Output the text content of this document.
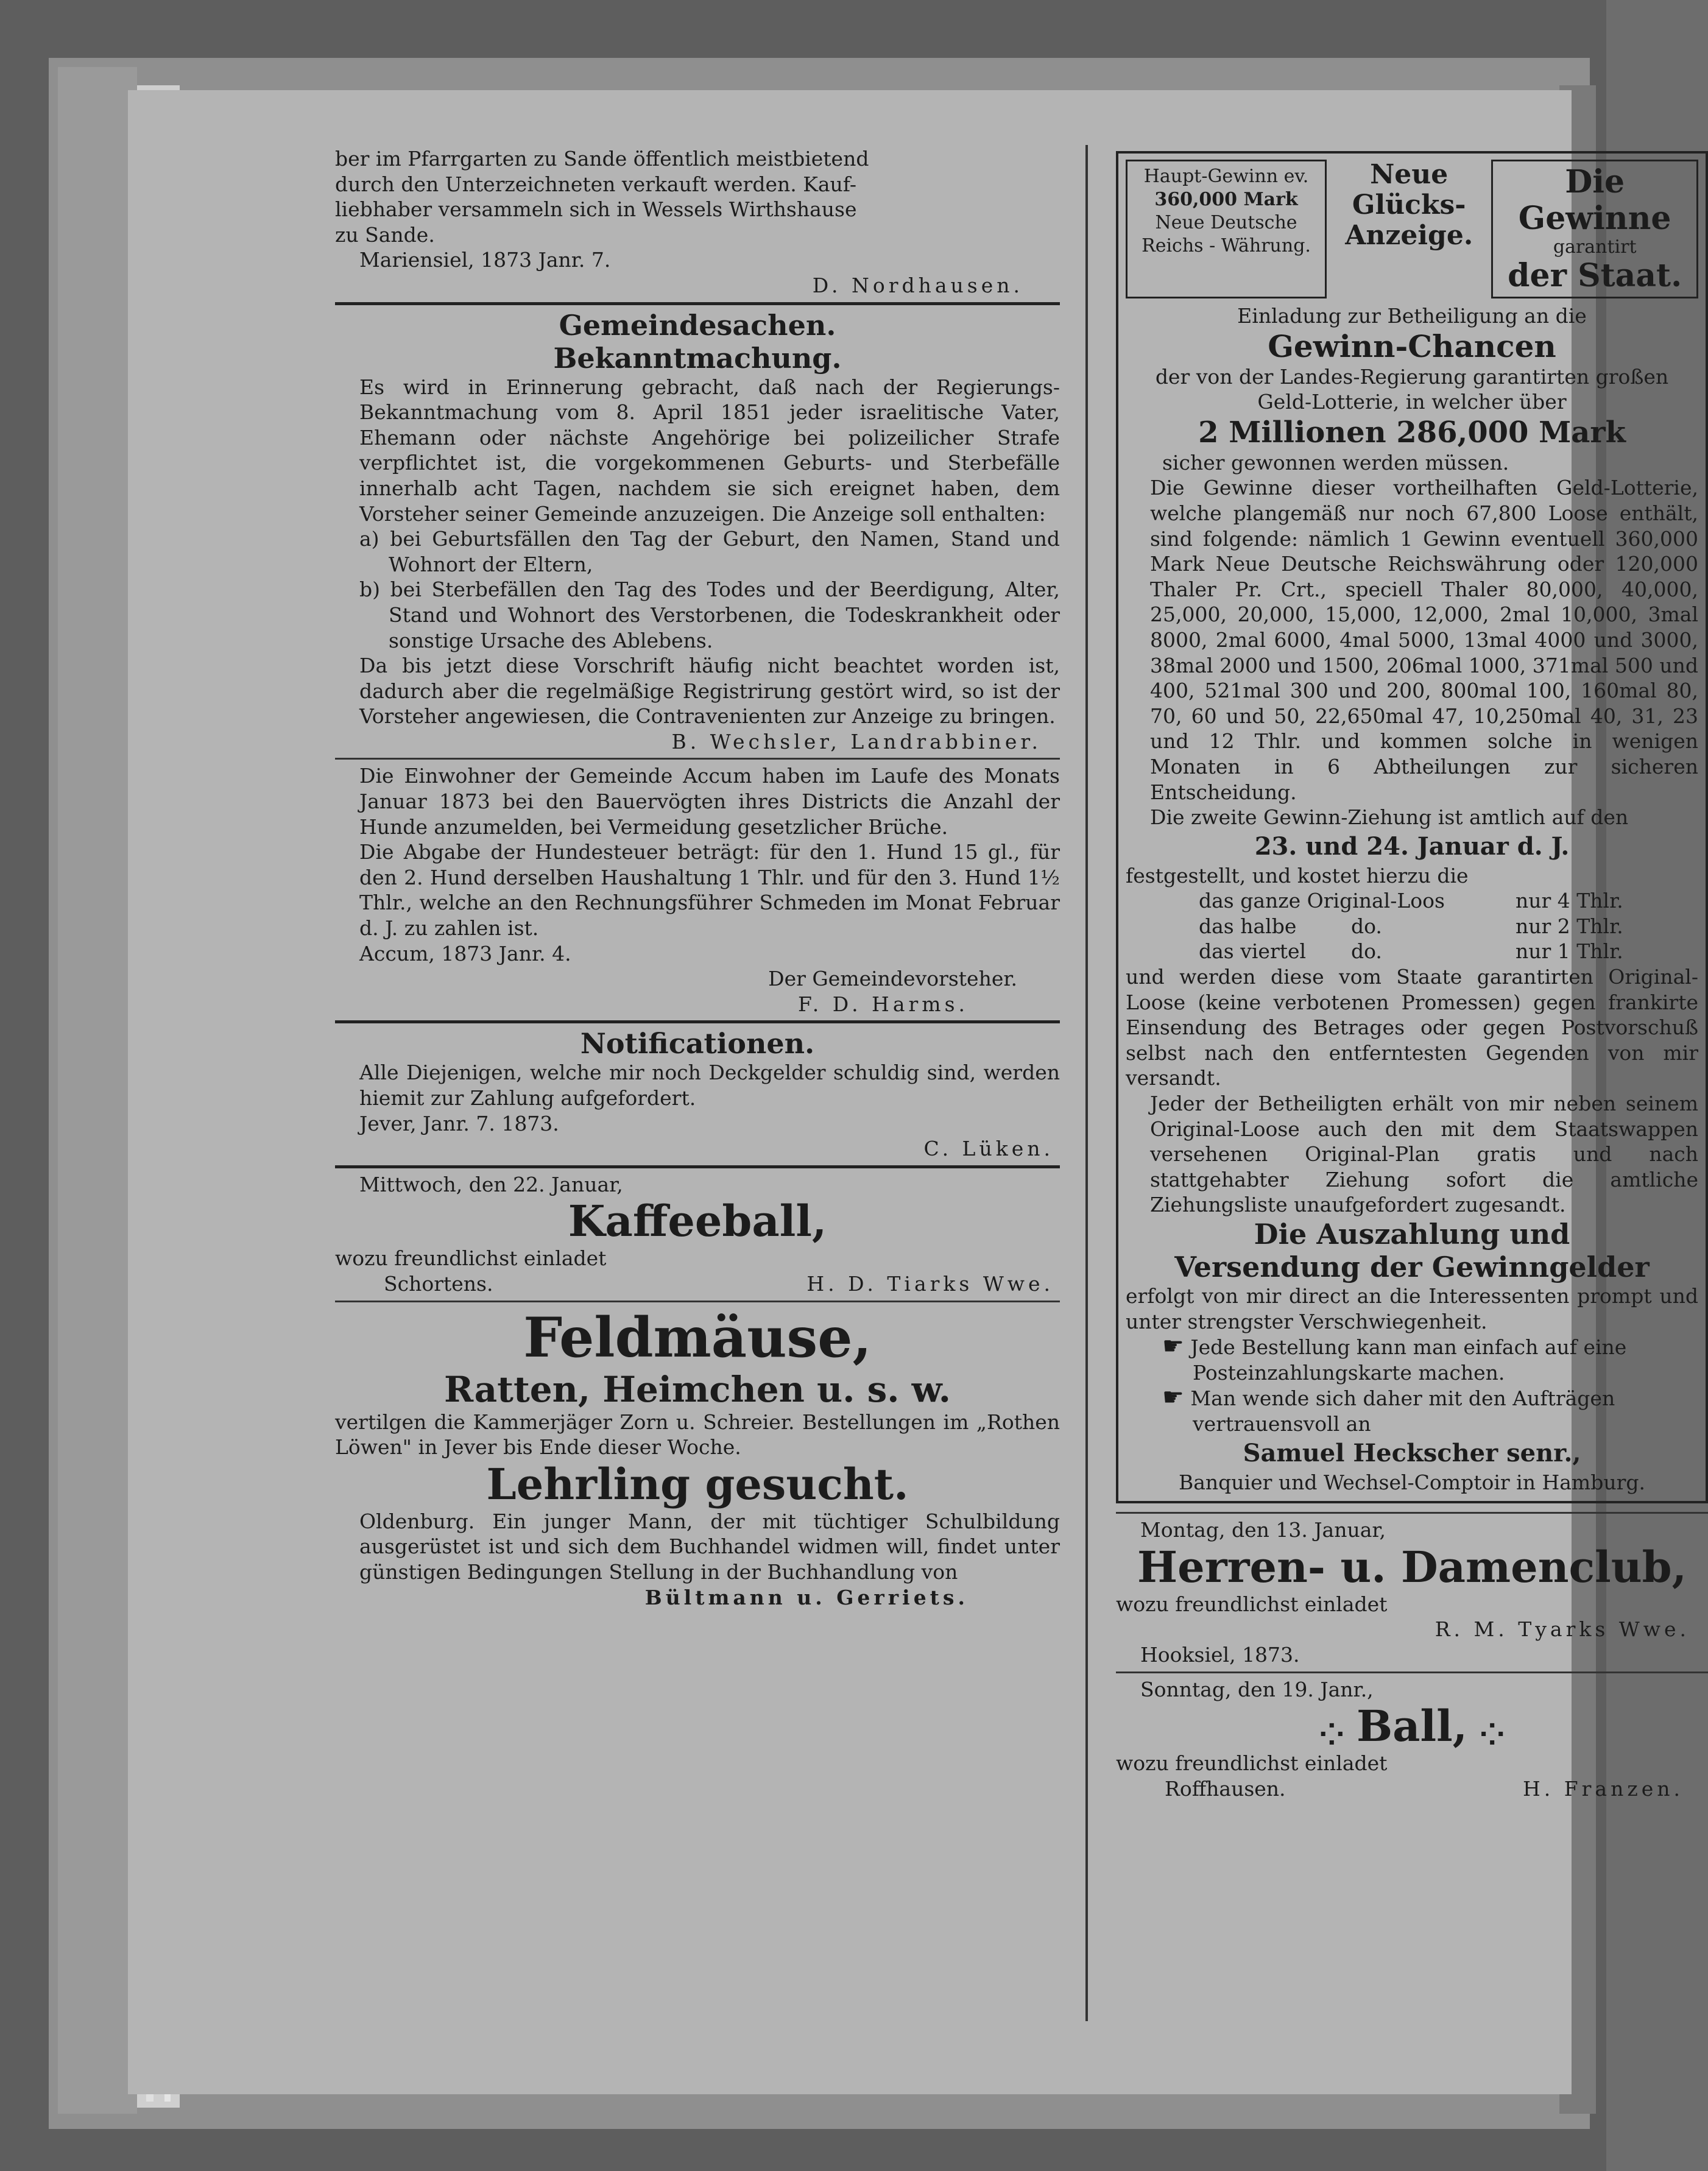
ber im Pfarrgarten zu Sande öffentlich meistbietend
durch den Unterzeichneten verkauft werden. Kauf-
liebhaber versammeln sich in Wessels Wirthshause
zu Sande.
Mariensiel, 1873 Janr. 7.
D. Nordhausen.
Gemeindesachen.
Bekanntmachung.

Es wird in Erinnerung gebracht, daß nach der Regierungs-Bekanntmachung vom 8. April 1851 jeder israelitische Vater, Ehemann oder nächste Angehörige bei polizeilicher Strafe verpflichtet ist, die vorgekommenen Geburts- und Sterbefälle innerhalb acht Tagen, nachdem sie sich ereignet haben, dem Vorsteher seiner Gemeinde anzuzeigen. Die Anzeige soll enthalten:

a) bei Geburtsfällen den Tag der Geburt, den Namen, Stand und Wohnort der Eltern,

b) bei Sterbefällen den Tag des Todes und der Beerdigung, Alter, Stand und Wohnort des Verstorbenen, die Todeskrankheit oder sonstige Ursache des Ablebens.

Da bis jetzt diese Vorschrift häufig nicht beachtet worden ist, dadurch aber die regelmäßige Registrirung gestört wird, so ist der Vorsteher angewiesen, die Contravenienten zur Anzeige zu bringen.

B. Wechsler, Landrabbiner.

Die Einwohner der Gemeinde Accum haben im Laufe des Monats Januar 1873 bei den Bauervögten ihres Districts die Anzahl der Hunde anzumelden, bei Vermeidung gesetzlicher Brüche.

Die Abgabe der Hundesteuer beträgt: für den 1. Hund 15 gl., für den 2. Hund derselben Haushaltung 1 Thlr. und für den 3. Hund 1½ Thlr., welche an den Rechnungsführer Schmeden im Monat Februar d. J. zu zahlen ist.

Accum, 1873 Janr. 4.
Der Gemeindevorsteher.
F. D. Harms.
Notificationen.

Alle Diejenigen, welche mir noch Deckgelder schuldig sind, werden hiemit zur Zahlung aufgefordert.

Jever, Janr. 7. 1873.
C. Lüken.
Mittwoch, den 22. Januar,
Kaffeeball,
wozu freundlichst einladet
Schortens.	H. D. Tiarks Wwe.
Feldmäuse,
Ratten, Heimchen u. s. w.

vertilgen die Kammerjäger Zorn u. Schreier. Bestellungen im „Rothen Löwen" in Jever bis Ende dieser Woche.

Lehrling gesucht.

Oldenburg. Ein junger Mann, der mit tüchtiger Schulbildung ausgerüstet ist und sich dem Buchhandel widmen will, findet unter günstigen Bedingungen Stellung in der Buchhandlung von

Bültmann u. Gerriets.
Haupt-Gewinn ev.
360,000 Mark
Neue Deutsche
Reichs - Währung.
Neue
Glücks-
Anzeige.
Die Gewinne
garantirt
der Staat.
Einladung zur Betheiligung an die
Gewinn-Chancen
der von der Landes-Regierung garantirten großen Geld-Lotterie, in welcher über
2 Millionen 286,000 Mark
sicher gewonnen werden müssen.

Die Gewinne dieser vortheilhaften Geld-Lotterie, welche plangemäß nur noch 67,800 Loose enthält, sind folgende: nämlich 1 Gewinn eventuell 360,000 Mark Neue Deutsche Reichswährung oder 120,000 Thaler Pr. Crt., speciell Thaler 80,000, 40,000, 25,000, 20,000, 15,000, 12,000, 2mal 10,000, 3mal 8000, 2mal 6000, 4mal 5000, 13mal 4000 und 3000, 38mal 2000 und 1500, 206mal 1000, 371mal 500 und 400, 521mal 300 und 200, 800mal 100, 160mal 80, 70, 60 und 50, 22,650mal 47, 10,250mal 40, 31, 23 und 12 Thlr. und kommen solche in wenigen Monaten in 6 Abtheilungen zur sicheren Entscheidung.

Die zweite Gewinn-Ziehung ist amtlich auf den

23. und 24. Januar d. J.
festgestellt, und kostet hierzu die
das ganze Original-Loos	nur 4 Thlr.
das halbe	do.	nur 2 Thlr.
das viertel	do.	nur 1 Thlr.

und werden diese vom Staate garantirten Original-Loose (keine verbotenen Promessen) gegen frankirte Einsendung des Betrages oder gegen Postvorschuß selbst nach den entferntesten Gegenden von mir versandt.

Jeder der Betheiligten erhält von mir neben seinem Original-Loose auch den mit dem Staatswappen versehenen Original-Plan gratis und nach stattgehabter Ziehung sofort die amtliche Ziehungsliste unaufgefordert zugesandt.

Die Auszahlung und
Versendung der Gewinngelder
erfolgt von mir direct an die Interessenten prompt und unter strengster Verschwiegenheit.
☛ Jede Bestellung kann man einfach auf eine
Posteinzahlungskarte machen.
☛ Man wende sich daher mit den Aufträgen
vertrauensvoll an
Samuel Heckscher senr.,
Banquier und Wechsel-Comptoir in Hamburg.
Montag, den 13. Januar,
Herren- u. Damenclub,
wozu freundlichst einladet
R. M. Tyarks Wwe.
Hooksiel, 1873.
Sonntag, den 19. Janr.,
⁘ Ball, ⁘
wozu freundlichst einladet
Roffhausen.	H. Franzen.
